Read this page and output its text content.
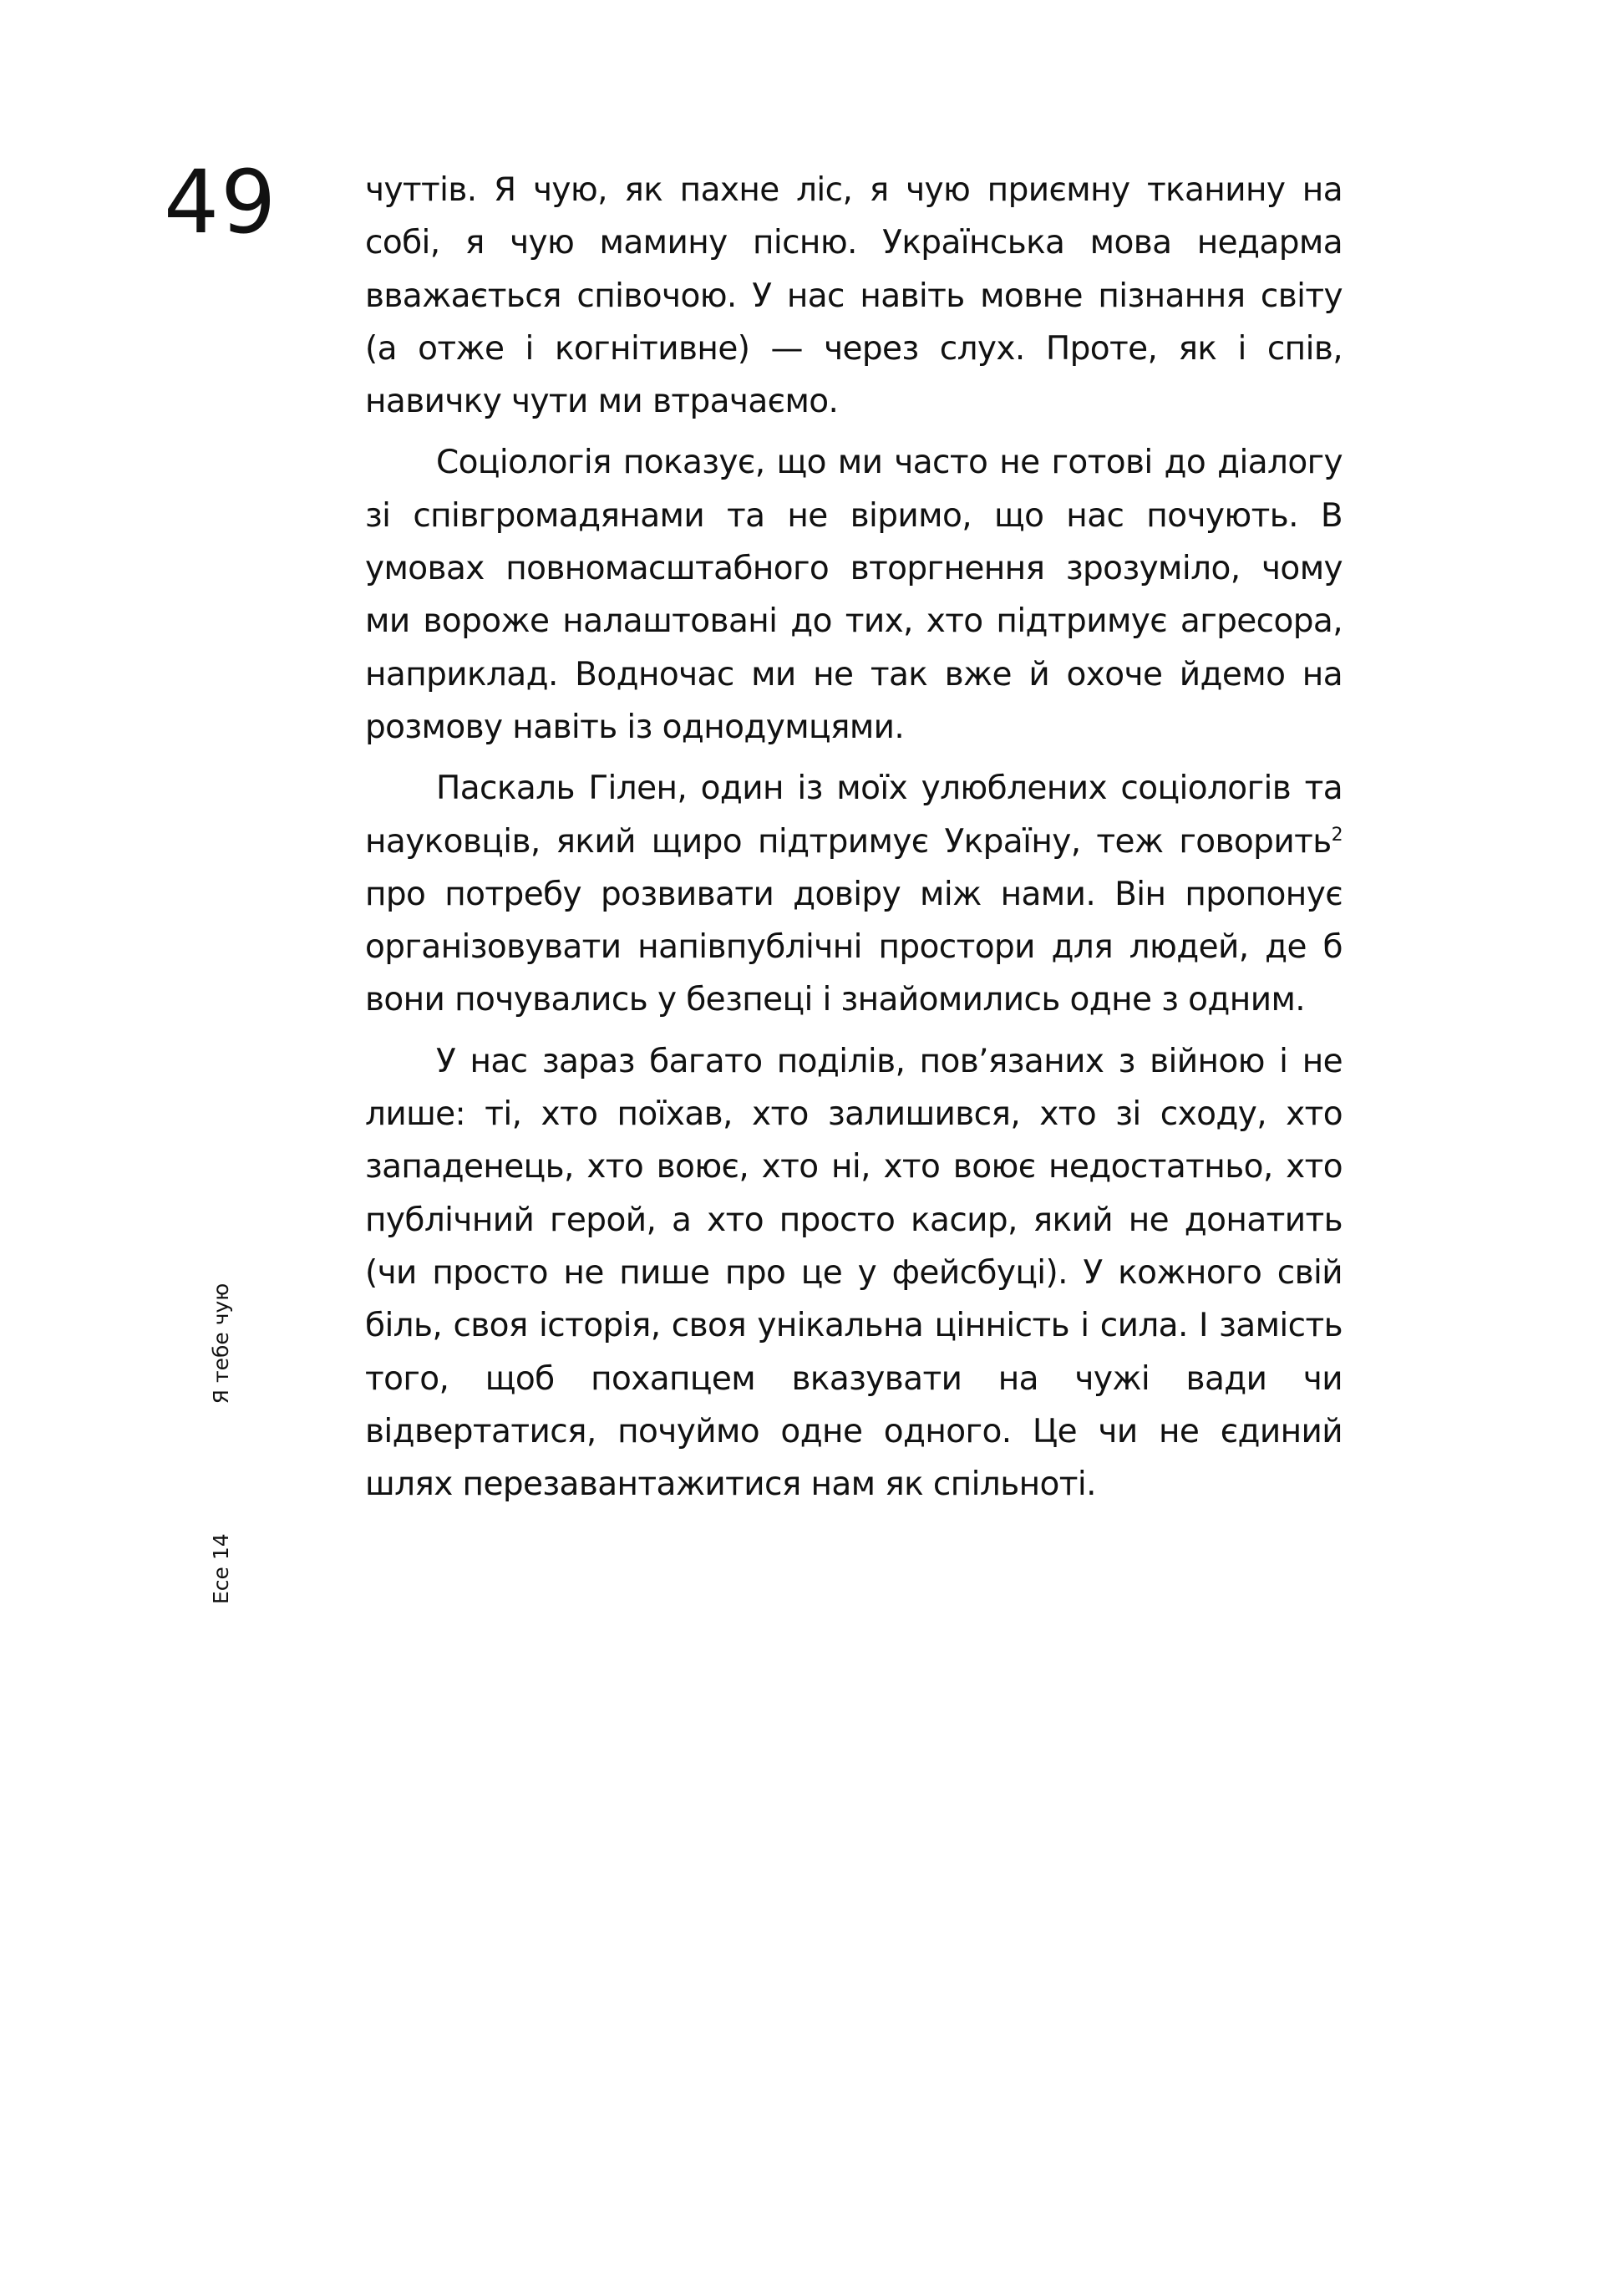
49	чуттів. Я чую, як пахне ліс, я чую приємну тканину на собі, я чую мамину пісню. Українська мова недарма вважається співочою. У нас навіть мовне пізнання світу (а отже і когнітивне) — через слух. Проте, як і спів, навичку чути ми втрачаємо.

Соціологія показує, що ми часто не готові до діалогу зі співгромадянами та не віримо, що нас почують. В умовах повномасштабного вторгнення зрозуміло, чому ми вороже налаштовані до тих, хто підтримує агресора, наприклад. Водночас ми не так вже й охоче йдемо на розмову навіть із однодумцями.

Паскаль Гілен, один із моїх улюблених соціологів та науковців, який щиро підтримує Україну, теж говорить$^2$ про потребу розвивати довіру між нами. Він пропонує організовувати напівпублічні простори для людей, де б вони почувались у безпеці і знайомились одне з одним.

У нас зараз багато поділів, пов’язаних з війною і не лише: ті, хто поїхав, хто залишився, хто зі сходу, хто западенець, хто воює, хто ні, хто воює недостатньо, хто публічний герой, а хто просто касир, який не донатить (чи просто не пише про це у фейсбуці). У кожного свій біль, своя історія, своя унікальна цінність і сила. І замість того, щоб похапцем вказувати на чужі вади чи відвертатися, почуймо одне одного. Це чи не єдиний шлях перезавантажитися нам як спільноті.

Есе 14Я тебе чую
